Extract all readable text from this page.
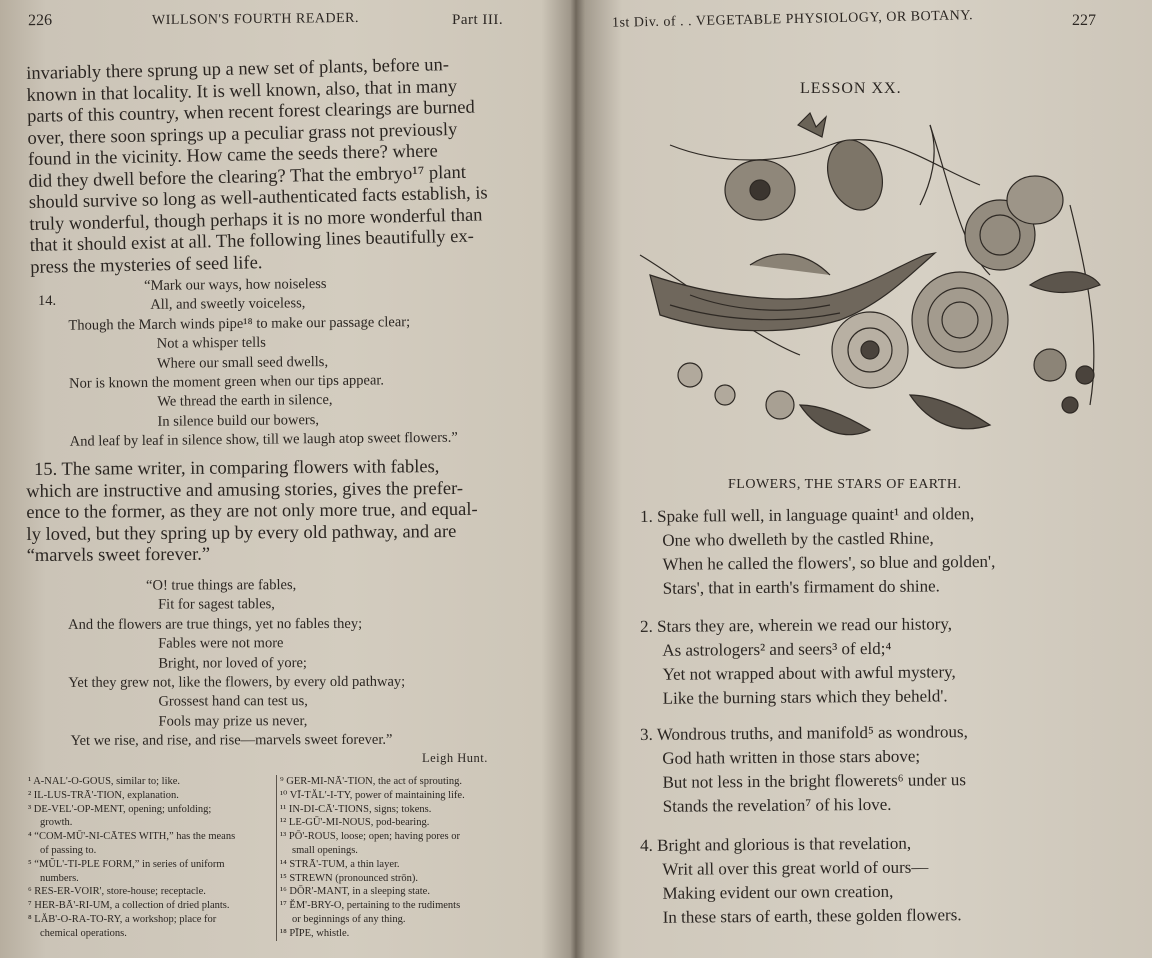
226	WILLSON'S FOURTH READER.	Part III.
invariably there sprung up a new set of plants, before un-
known in that locality. It is well known, also, that in many
parts of this country, when recent forest clearings are burned
over, there soon springs up a peculiar grass not previously
found in the vicinity. How came the seeds there? where
did they dwell before the clearing? That the embryo¹⁷ plant
should survive so long as well-authenticated facts establish, is
truly wonderful, though perhaps it is no more wonderful than
that it should exist at all. The following lines beautifully ex-
press the mysteries of seed life.
14.
“Mark our ways, how noiseless
All, and sweetly voiceless,
Though the March winds pipe¹⁸ to make our passage clear;
Not a whisper tells
Where our small seed dwells,
Nor is known the moment green when our tips appear.
We thread the earth in silence,
In silence build our bowers,
And leaf by leaf in silence show, till we laugh atop sweet flowers.”
15. The same writer, in comparing flowers with fables,
which are instructive and amusing stories, gives the prefer-
ence to the former, as they are not only more true, and equal-
ly loved, but they spring up by every old pathway, and are
“marvels sweet forever.”
“O! true things are fables,
Fit for sagest tables,
And the flowers are true things, yet no fables they;
Fables were not more
Bright, nor loved of yore;
Yet they grew not, like the flowers, by every old pathway;
Grossest hand can test us,
Fools may prize us never,
Yet we rise, and rise, and rise—marvels sweet forever.”
Leigh Hunt.
¹ A-NAL'-O-GOUS, similar to; like.
² IL-LUS-TRĀ'-TION, explanation.
³ DE-VEL'-OP-MENT, opening; unfolding;
growth.
⁴ “COM-MŪ'-NI-CĀTES WITH,” has the means
of passing to.
⁵ “MŬL'-TI-PLE FORM,” in series of uniform
numbers.
⁶ RES-ER-VOIR', store-house; receptacle.
⁷ HER-BĀ'-RI-UM, a collection of dried plants.
⁸ LĂB'-O-RA-TO-RY, a workshop; place for
chemical operations.
⁹ GER-MI-NĀ'-TION, the act of sprouting.
¹⁰ VĪ-TĂL'-I-TY, power of maintaining life.
¹¹ IN-DI-CĀ'-TIONS, signs; tokens.
¹² LE-GŪ'-MI-NOUS, pod-bearing.
¹³ PŌ'-ROUS, loose; open; having pores or
small openings.
¹⁴ STRĀ'-TUM, a thin layer.
¹⁵ STREWN (pronounced strōn).
¹⁶ DŌR'-MANT, in a sleeping state.
¹⁷ ĔM'-BRY-O, pertaining to the rudiments
or beginnings of any thing.
¹⁸ PĪPE, whistle.
1st Div. of . . VEGETABLE PHYSIOLOGY, OR BOTANY.	227
LESSON XX.
FLOWERS, THE STARS OF EARTH.
1. Spake full well, in language quaint¹ and olden,
One who dwelleth by the castled Rhine,
When he called the flowers', so blue and golden',
Stars', that in earth's firmament do shine.
2. Stars they are, wherein we read our history,
As astrologers² and seers³ of eld;⁴
Yet not wrapped about with awful mystery,
Like the burning stars which they beheld'.
3. Wondrous truths, and manifold⁵ as wondrous,
God hath written in those stars above;
But not less in the bright flowerets⁶ under us
Stands the revelation⁷ of his love.
4. Bright and glorious is that revelation,
Writ all over this great world of ours—
Making evident our own creation,
In these stars of earth, these golden flowers.
